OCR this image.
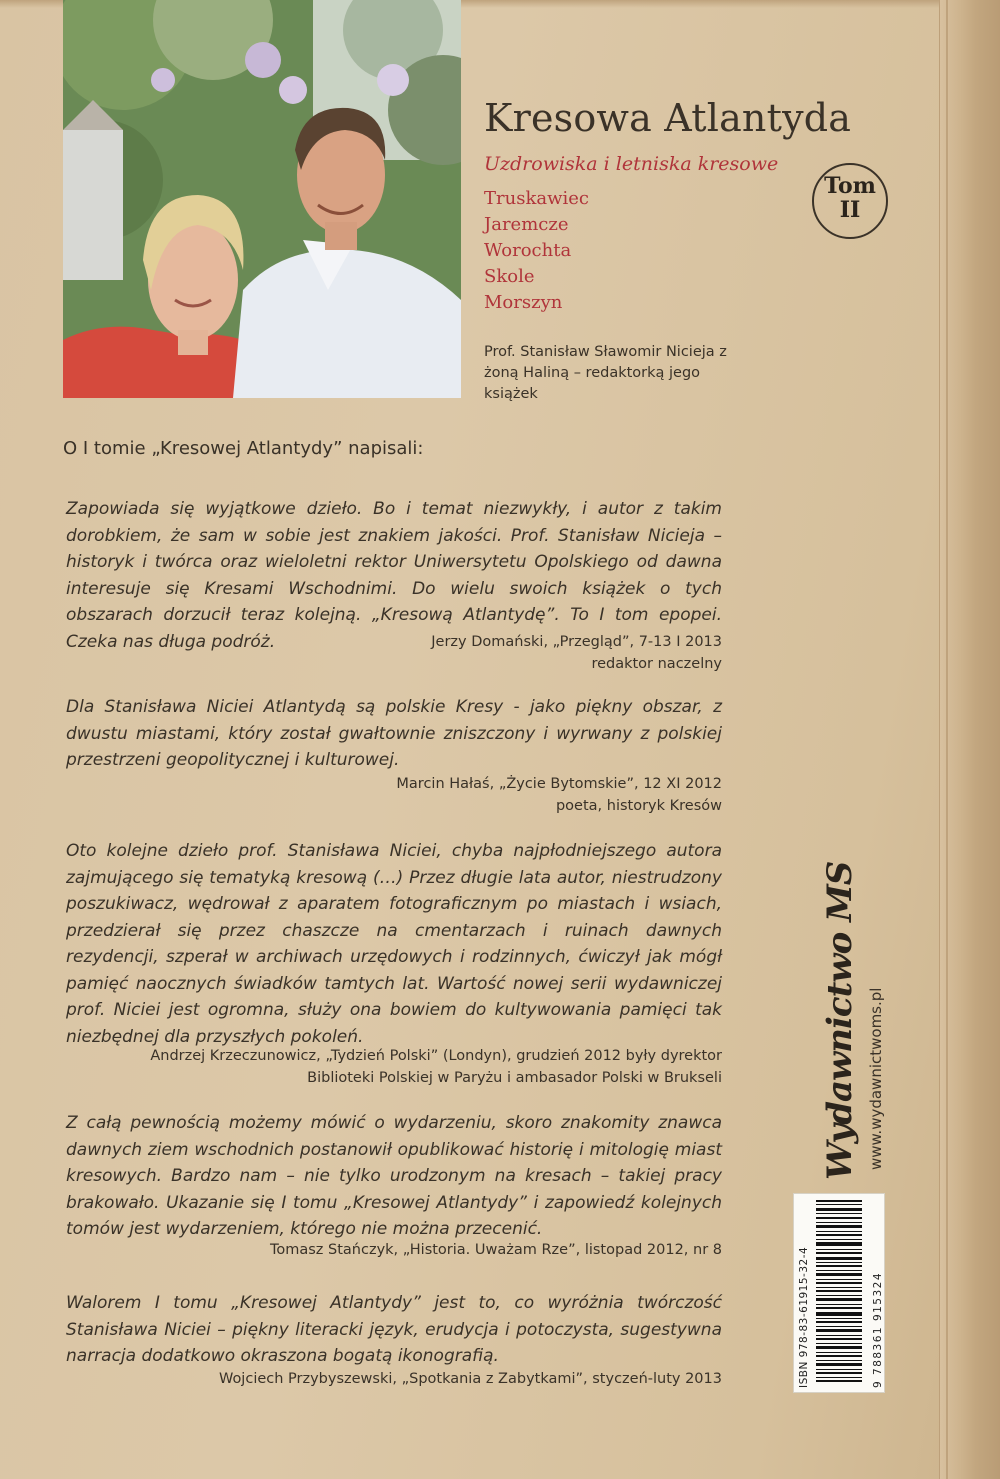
Kresowa Atlantyda
Uzdrowiska i letniska kresowe
Truskawiec
Jaremcze
Worochta
Skole
Morszyn
Tom
II
Prof. Stanisław Sławomir Nicieja z żoną Haliną – redaktorką jego książek
O I tomie „Kresowej Atlantydy” napisali:
Zapowiada się wyjątkowe dzieło. Bo i temat niezwykły, i autor z takim dorobkiem, że sam w sobie jest znakiem jakości. Prof. Stanisław Nicieja – historyk i twórca oraz wieloletni rektor Uniwersytetu Opolskiego od dawna interesuje się Kresami Wschodnimi. Do wielu swoich książek o tych obszarach dorzucił teraz kolejną. „Kresową Atlantydę”. To I tom epopei. Czeka nas długa podróż.	Jerzy Domański, „Przegląd”, 7-13 I 2013
redaktor naczelny
Dla Stanisława Niciei Atlantydą są polskie Kresy - jako piękny obszar, z dwustu miastami, który został gwałtownie zniszczony i wyrwany z polskiej przestrzeni geopolitycznej i kulturowej.
Marcin Hałaś, „Życie Bytomskie”, 12 XI 2012
poeta, historyk Kresów
Oto kolejne dzieło prof. Stanisława Niciei, chyba najpłodniejszego autora zajmującego się tematyką kresową (…) Przez długie lata autor, niestrudzony poszukiwacz, wędrował z aparatem fotograficznym po miastach i wsiach, przedzierał się przez chaszcze na cmentarzach i ruinach dawnych rezydencji, szperał w archiwach urzędowych i rodzinnych, ćwiczył jak mógł pamięć naocznych świadków tamtych lat. Wartość nowej serii wydawniczej prof. Niciei jest ogromna, służy ona bowiem do kultywowania pamięci tak niezbędnej dla przyszłych pokoleń.
Andrzej Krzeczunowicz, „Tydzień Polski” (Londyn), grudzień 2012 były dyrektor
Biblioteki Polskiej w Paryżu i ambasador Polski w Brukseli
Z całą pewnością możemy mówić o wydarzeniu, skoro znakomity znawca dawnych ziem wschodnich postanowił opublikować historię i mitologię miast kresowych. Bardzo nam – nie tylko urodzonym na kresach – takiej pracy brakowało. Ukazanie się I tomu „Kresowej Atlantydy” i zapowiedź kolejnych tomów jest wydarzeniem, którego nie można przecenić.
Tomasz Stańczyk, „Historia. Uważam Rze”, listopad 2012, nr 8
Walorem I tomu „Kresowej Atlantydy” jest to, co wyróżnia twórczość Stanisława Niciei – piękny literacki język, erudycja i potoczysta, sugestywna narracja dodatkowo okraszona bogatą ikonografią.
Wojciech Przybyszewski, „Spotkania z Zabytkami”, styczeń-luty 2013
Wydawnictwo MS www.wydawnictwoms.pl
ISBN 978-83-61915-32-4	9 788361 915324
